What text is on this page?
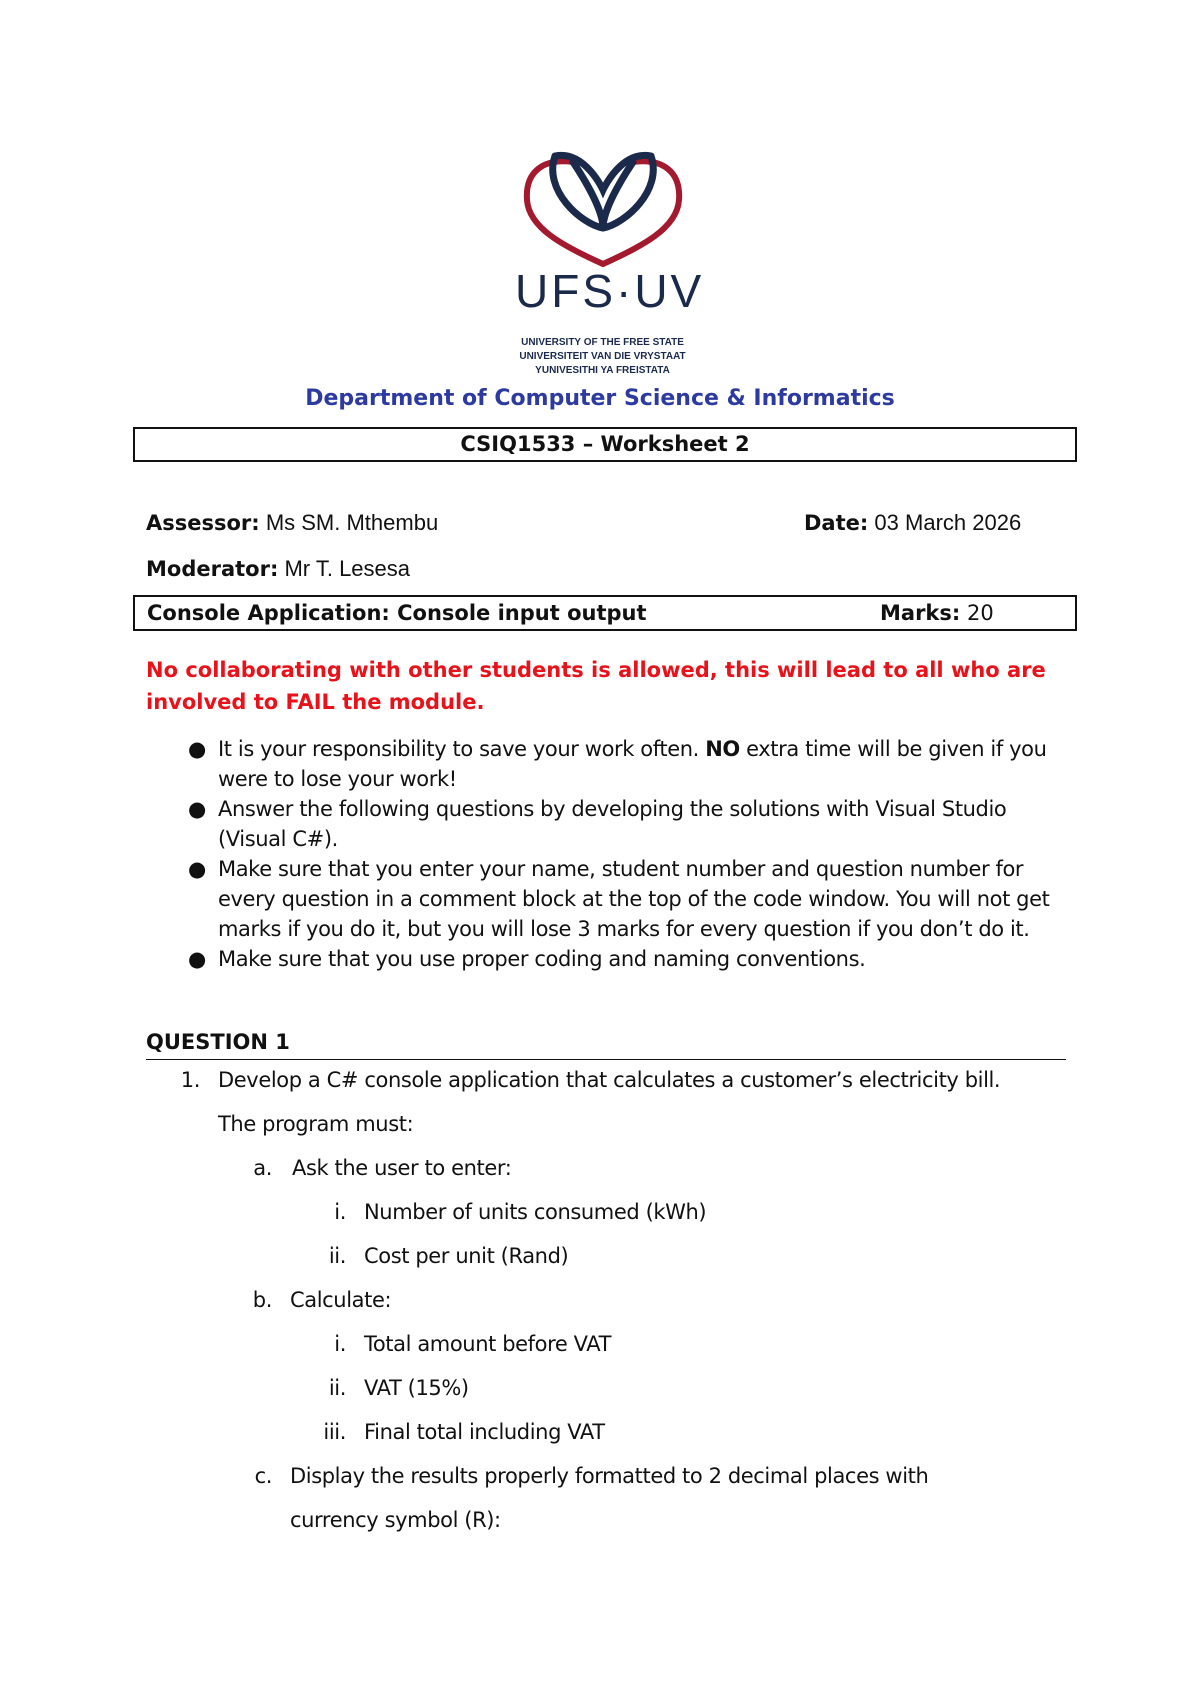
UFS·UV
UNIVERSITY OF THE FREE STATE
UNIVERSITEIT VAN DIE VRYSTAAT
YUNIVESITHI YA FREISTATA
Department of Computer Science & Informatics
CSIQ1533 – Worksheet 2
Assessor: Ms SM. Mthembu	Date: 03 March 2026
Moderator: Mr T. Lesesa
Console Application: Console input output	Marks: 20
No collaborating with other students is allowed, this will lead to all who are involved to FAIL the module.
● It is your responsibility to save your work often. NO extra time will be given if you were to lose your work!
● Answer the following questions by developing the solutions with Visual Studio (Visual C#).
● Make sure that you enter your name, student number and question number for every question in a comment block at the top of the code window. You will not get marks if you do it, but you will lose 3 marks for every question if you don’t do it.
● Make sure that you use proper coding and naming conventions.
QUESTION 1
1. Develop a C# console application that calculates a customer’s electricity bill.
The program must:
a. Ask the user to enter:
i. Number of units consumed (kWh)
ii. Cost per unit (Rand)
b. Calculate:
i. Total amount before VAT
ii. VAT (15%)
iii. Final total including VAT
c. Display the results properly formatted to 2 decimal places with
currency symbol (R):
